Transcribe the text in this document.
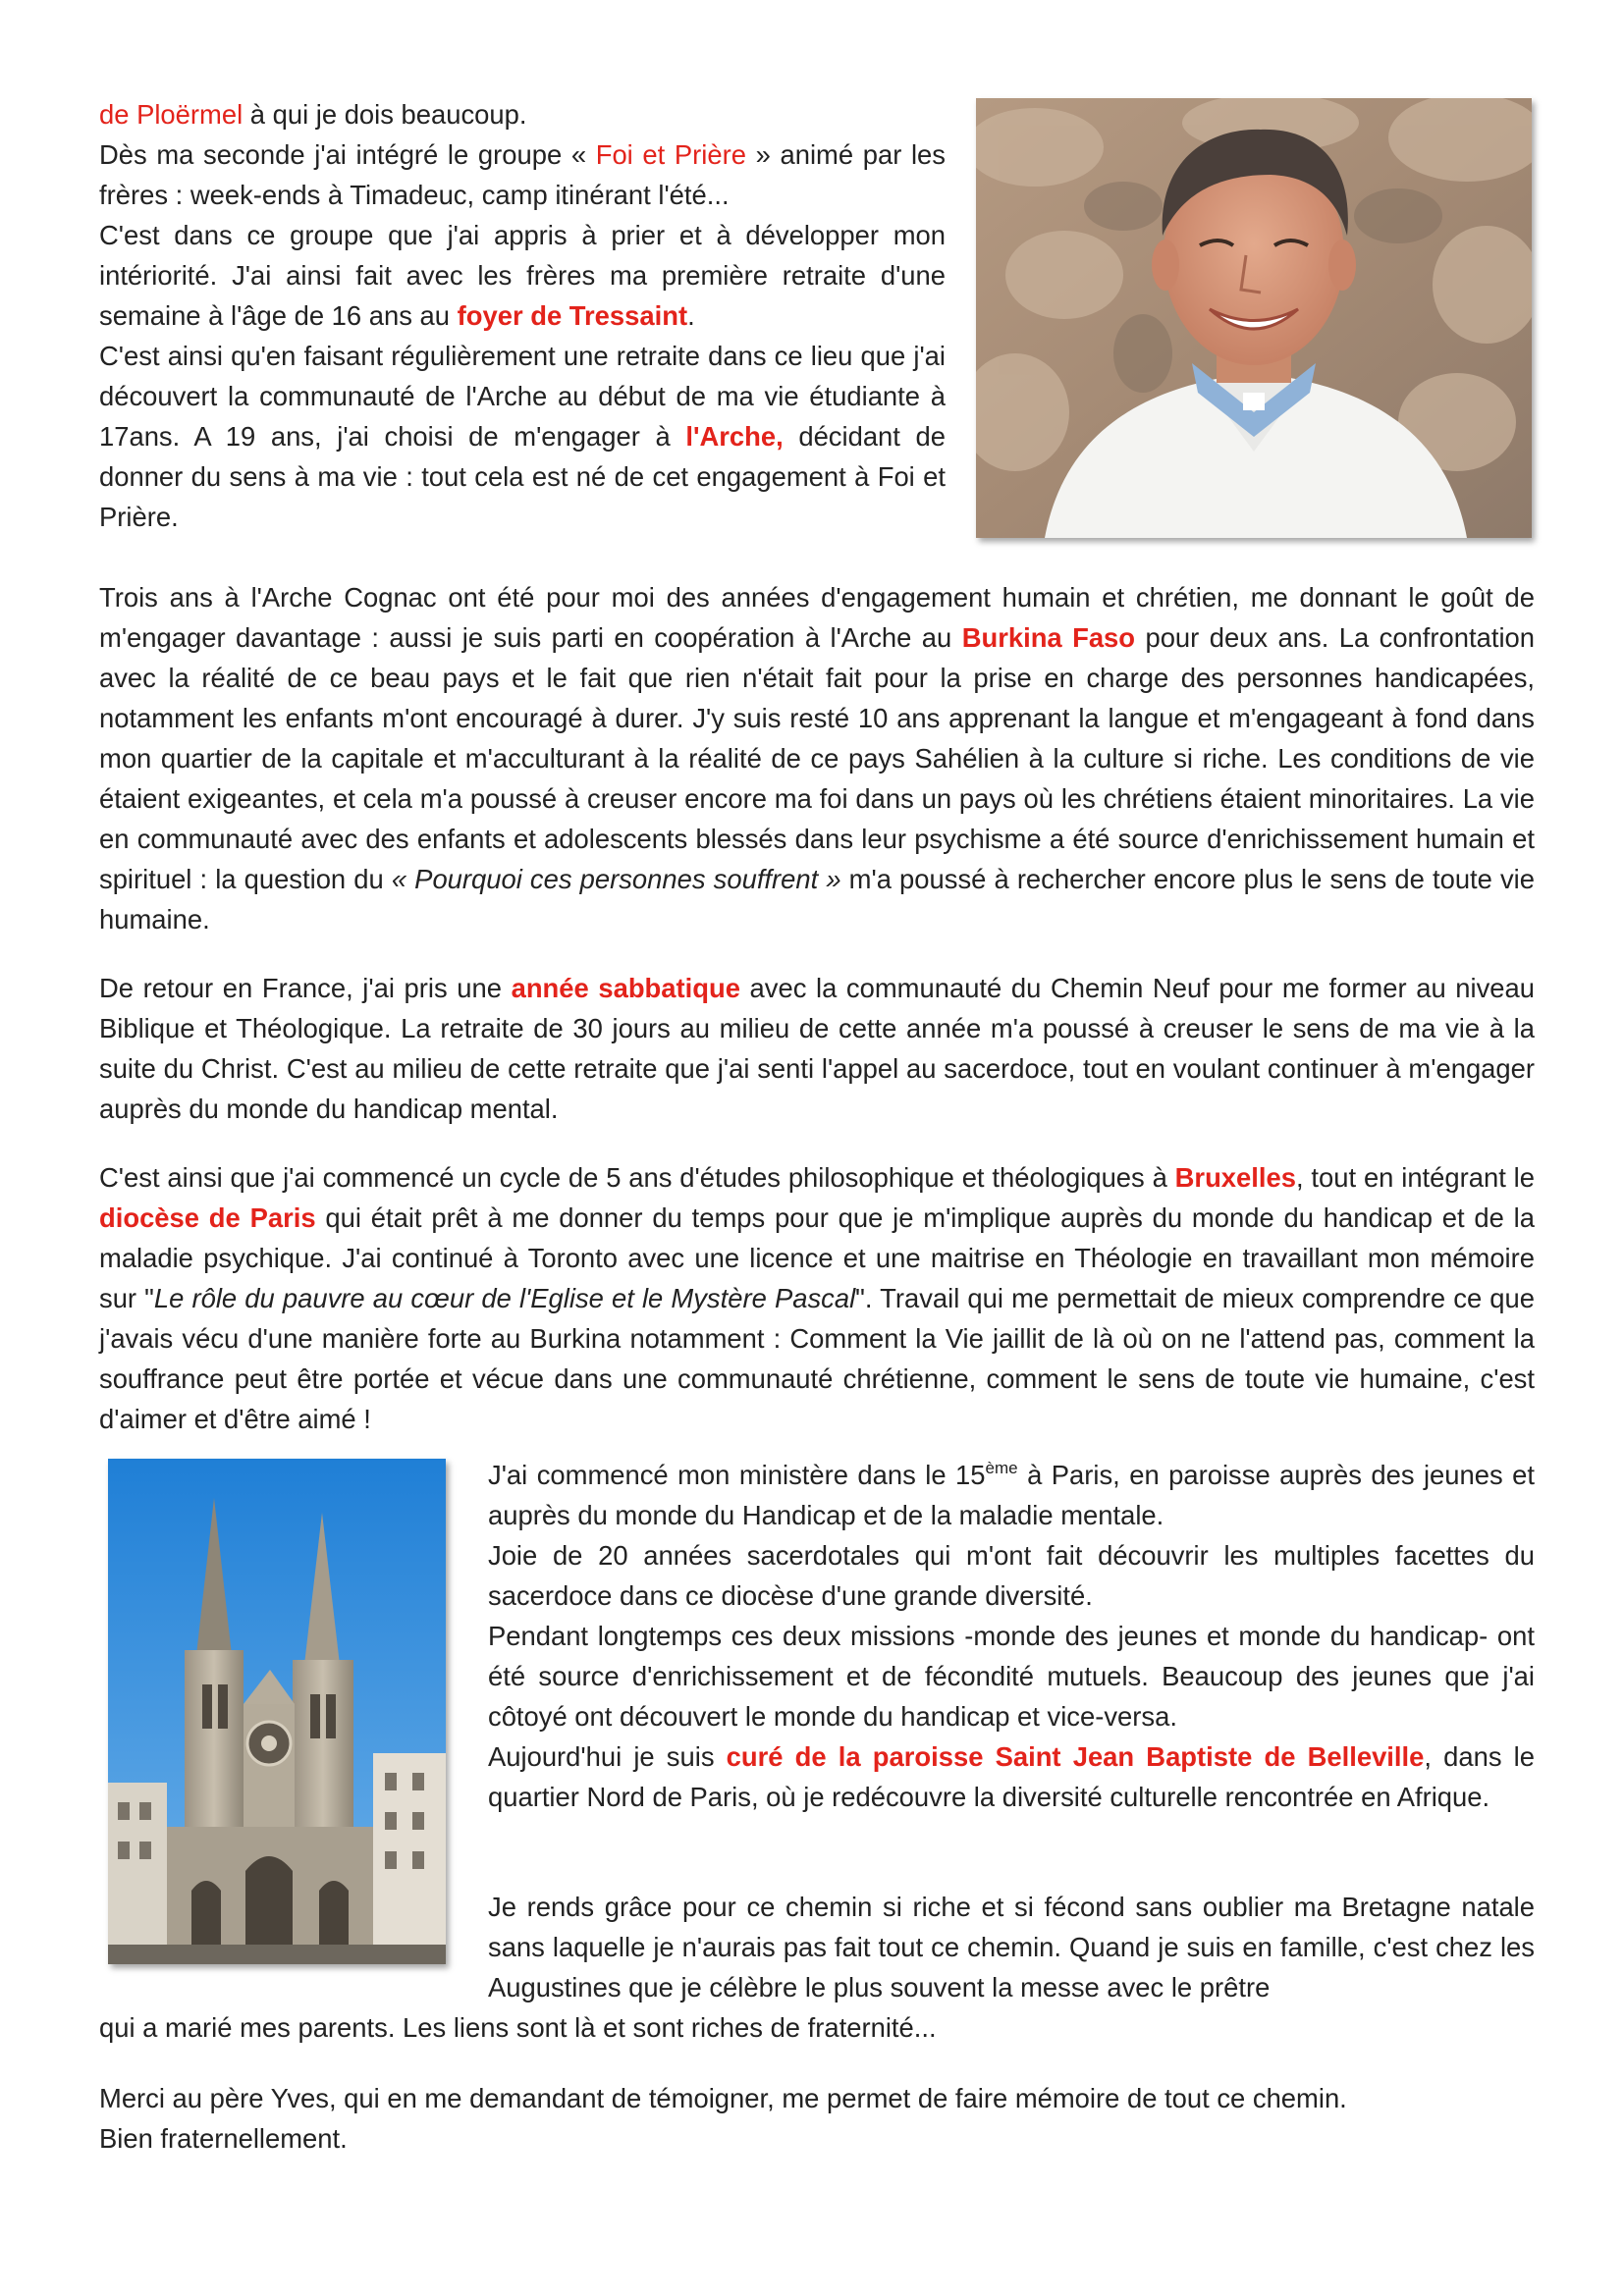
de Ploërmel à qui je dois beaucoup.

Dès ma seconde j'ai intégré le groupe « Foi et Prière » animé par les frères : week-ends à Timadeuc, camp itinérant l'été...

C'est dans ce groupe que j'ai appris à prier et à développer mon intériorité. J'ai ainsi fait avec les frères ma première retraite d'une semaine à l'âge de 16 ans au foyer de Tressaint.

C'est ainsi qu'en faisant régulièrement une retraite dans ce lieu que j'ai découvert la communauté de l'Arche au début de ma vie étudiante à 17ans. A 19 ans, j'ai choisi de m'engager à l'Arche, décidant de donner du sens à ma vie : tout cela est né de cet engagement à Foi et Prière.

Trois ans à l'Arche Cognac ont été pour moi des années d'engagement humain et chrétien, me donnant le goût de m'engager davantage : aussi je suis parti en coopération à l'Arche au Burkina Faso pour deux ans. La confrontation avec la réalité de ce beau pays et le fait que rien n'était fait pour la prise en charge des personnes handicapées, notamment les enfants m'ont encouragé à durer. J'y suis resté 10 ans apprenant la langue et m'engageant à fond dans mon quartier de la capitale et m'acculturant à la réalité de ce pays Sahélien à la culture si riche. Les conditions de vie étaient exigeantes, et cela m'a poussé à creuser encore ma foi dans un pays où les chrétiens étaient minoritaires. La vie en communauté avec des enfants et adolescents blessés dans leur psychisme a été source d'enrichissement humain et spirituel : la question du « Pourquoi ces personnes souffrent » m'a poussé à rechercher encore plus le sens de toute vie humaine.

De retour en France, j'ai pris une année sabbatique avec la communauté du Chemin Neuf pour me former au niveau Biblique et Théologique. La retraite de 30 jours au milieu de cette année m'a poussé à creuser le sens de ma vie à la suite du Christ. C'est au milieu de cette retraite que j'ai senti l'appel au sacerdoce, tout en voulant continuer à m'engager auprès du monde du handicap mental.

C'est ainsi que j'ai commencé un cycle de 5 ans d'études philosophique et théologiques à Bruxelles, tout en intégrant le diocèse de Paris qui était prêt à me donner du temps pour que je m'implique auprès du monde du handicap et de la maladie psychique. J'ai continué à Toronto avec une licence et une maitrise en Théologie en travaillant mon mémoire sur "Le rôle du pauvre au cœur de l'Eglise et le Mystère Pascal". Travail qui me permettait de mieux comprendre ce que j'avais vécu d'une manière forte au Burkina notamment : Comment la Vie jaillit de là où on ne l'attend pas, comment la souffrance peut être portée et vécue dans une communauté chrétienne, comment le sens de toute vie humaine, c'est d'aimer et d'être aimé !

J'ai commencé mon ministère dans le 15ème à Paris, en paroisse auprès des jeunes et auprès du monde du Handicap et de la maladie mentale.

Joie de 20 années sacerdotales qui m'ont fait découvrir les multiples facettes du sacerdoce dans ce diocèse d'une grande diversité.

Pendant longtemps ces deux missions -monde des jeunes et monde du handicap- ont été source d'enrichissement et de fécondité mutuels. Beaucoup des jeunes que j'ai côtoyé ont découvert le monde du handicap et vice-versa.

Aujourd'hui je suis curé de la paroisse Saint Jean Baptiste de Belleville, dans le quartier Nord de Paris, où je redécouvre la diversité culturelle rencontrée en Afrique.

Je rends grâce pour ce chemin si riche et si fécond sans oublier ma Bretagne natale sans laquelle je n'aurais pas fait tout ce chemin. Quand je suis en famille, c'est chez les Augustines que je célèbre le plus souvent la messe avec le prêtre

qui a marié mes parents. Les liens sont là et sont riches de fraternité...

Merci au père Yves, qui en me demandant de témoigner, me permet de faire mémoire de tout ce chemin.

Bien fraternellement.
